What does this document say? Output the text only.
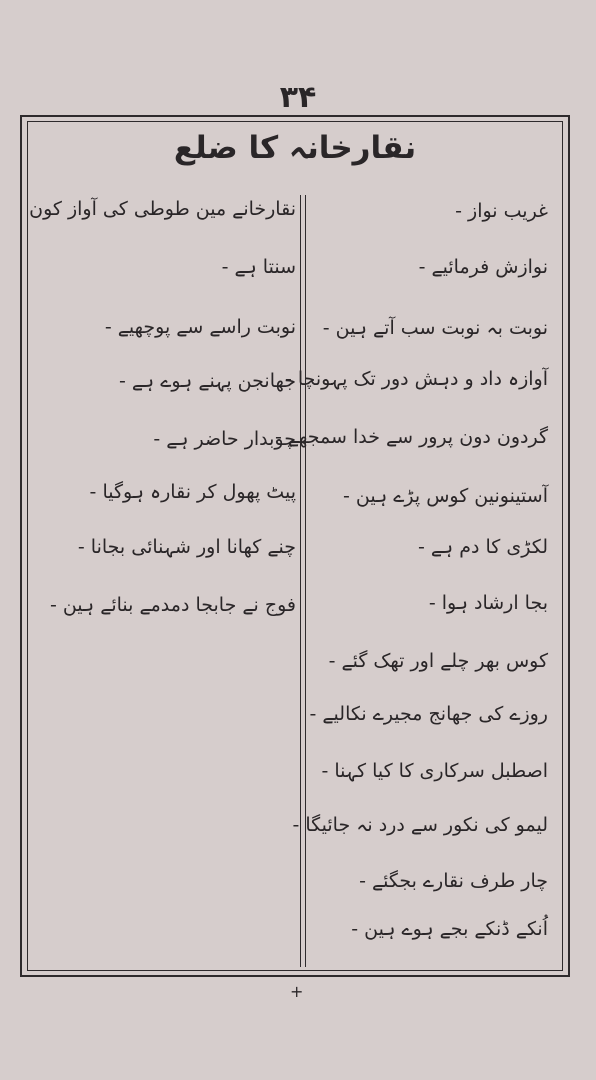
۳۴
نقارخانہ کا ضلع
غریب نواز -
نوازش فرمائیے -
نوبت بہ نوبت سب آتے ہین -
آوازہ داد و دہش دور تک پہونچا -
گردون دون پرور سے خدا سمجھے -
آستینونین کوس پڑے ہین -
لکڑی کا دم ہے -
بجا ارشاد ہوا -
کوس بھر چلے اور تھک گئے -
روزے کی جھانج مجیرے نکالیے -
اصطبل سرکاری کا کیا کہنا -
لیمو کی نکور سے درد نہ جائیگا -
چار طرف نقارے بجگئے -
اُنکے ڈنکے بجے ہوے ہین -
نقارخانے مین طوطی کی آواز کون
سنتا ہے -
نوبت راسے سے پوچھیے -
جھانجن پہنے ہوے ہے -
چوبدار حاضر ہے -
پیٹ پھول کر نقارہ ہوگیا -
چنے کھانا اور شہنائی بجانا -
فوج نے جابجا دمدمے بنائے ہین -
+
